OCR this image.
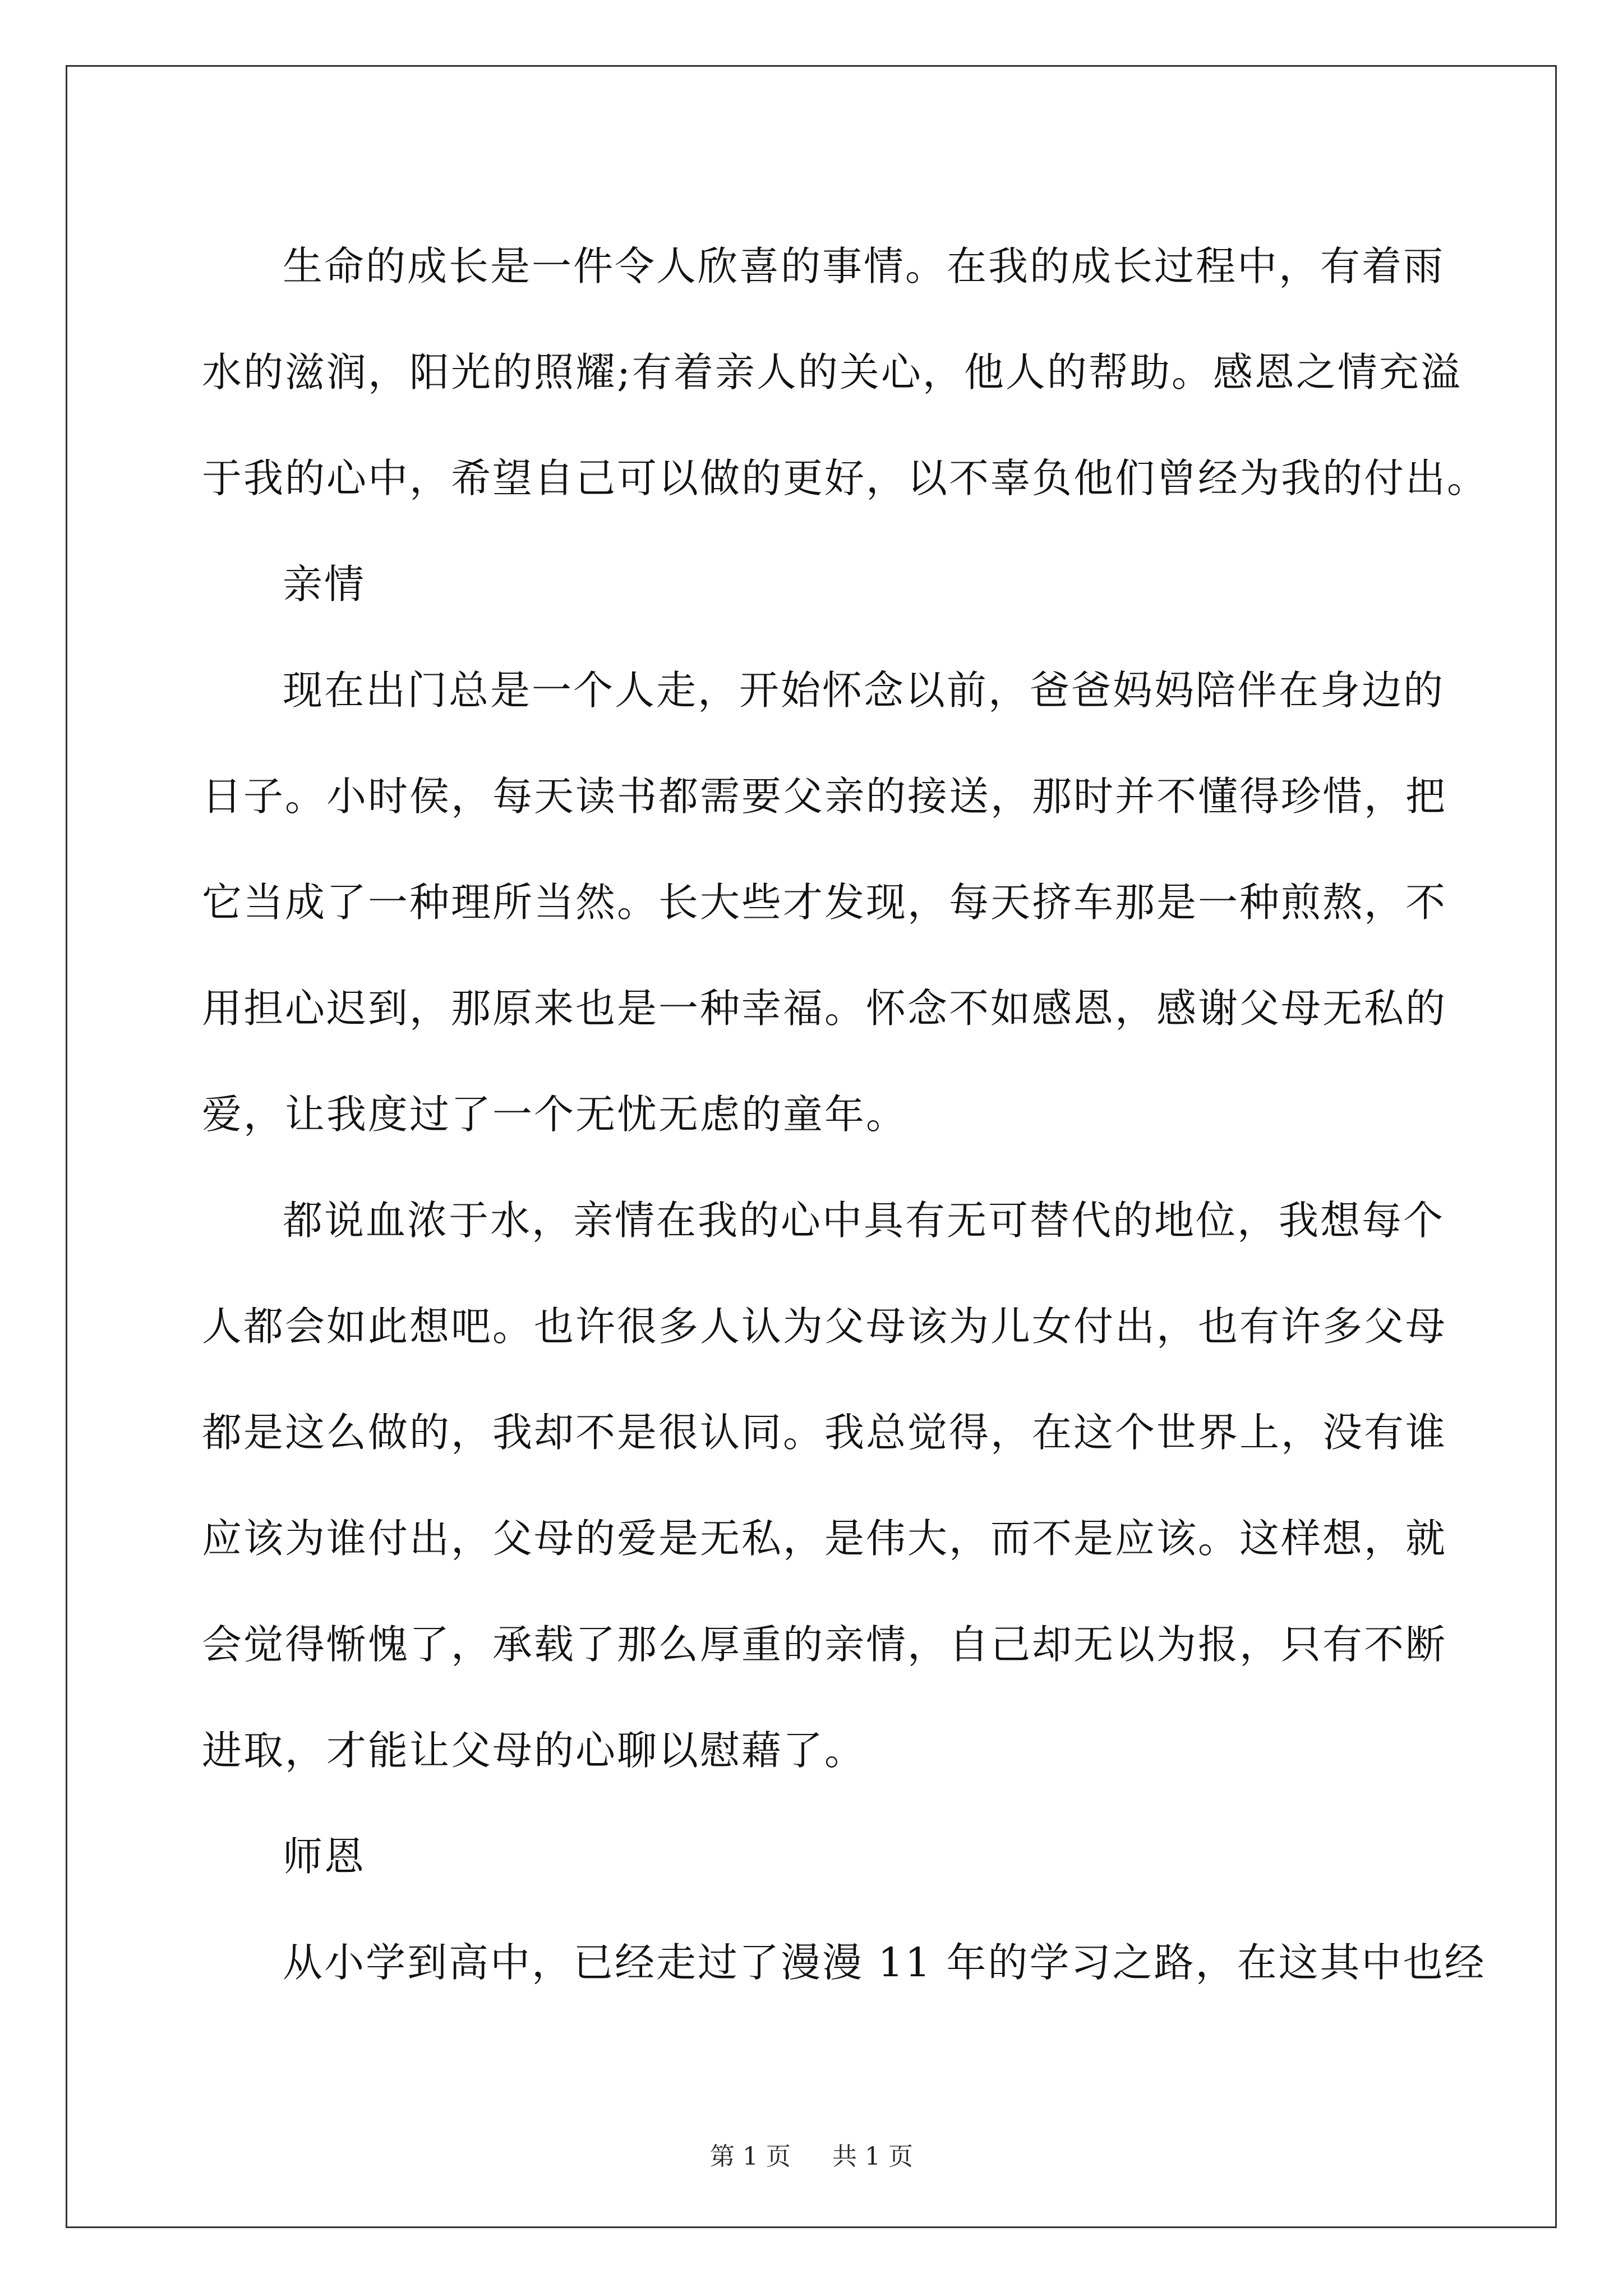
生命的成长是一件令人欣喜的事情。在我的成长过程中，有着雨
水的滋润，阳光的照耀;有着亲人的关心，他人的帮助。感恩之情充溢
于我的心中，希望自己可以做的更好，以不辜负他们曾经为我的付出。

亲情

现在出门总是一个人走，开始怀念以前，爸爸妈妈陪伴在身边的
日子。小时侯，每天读书都需要父亲的接送，那时并不懂得珍惜，把
它当成了一种理所当然。长大些才发现，每天挤车那是一种煎熬，不
用担心迟到，那原来也是一种幸福。怀念不如感恩，感谢父母无私的
爱，让我度过了一个无忧无虑的童年。

都说血浓于水，亲情在我的心中具有无可替代的地位，我想每个
人都会如此想吧。也许很多人认为父母该为儿女付出，也有许多父母
都是这么做的，我却不是很认同。我总觉得，在这个世界上，没有谁
应该为谁付出，父母的爱是无私，是伟大，而不是应该。这样想，就
会觉得惭愧了，承载了那么厚重的亲情，自己却无以为报，只有不断
进取，才能让父母的心聊以慰藉了。

师恩

从小学到高中，已经走过了漫漫 11 年的学习之路，在这其中也经

第 1 页 共 1 页
